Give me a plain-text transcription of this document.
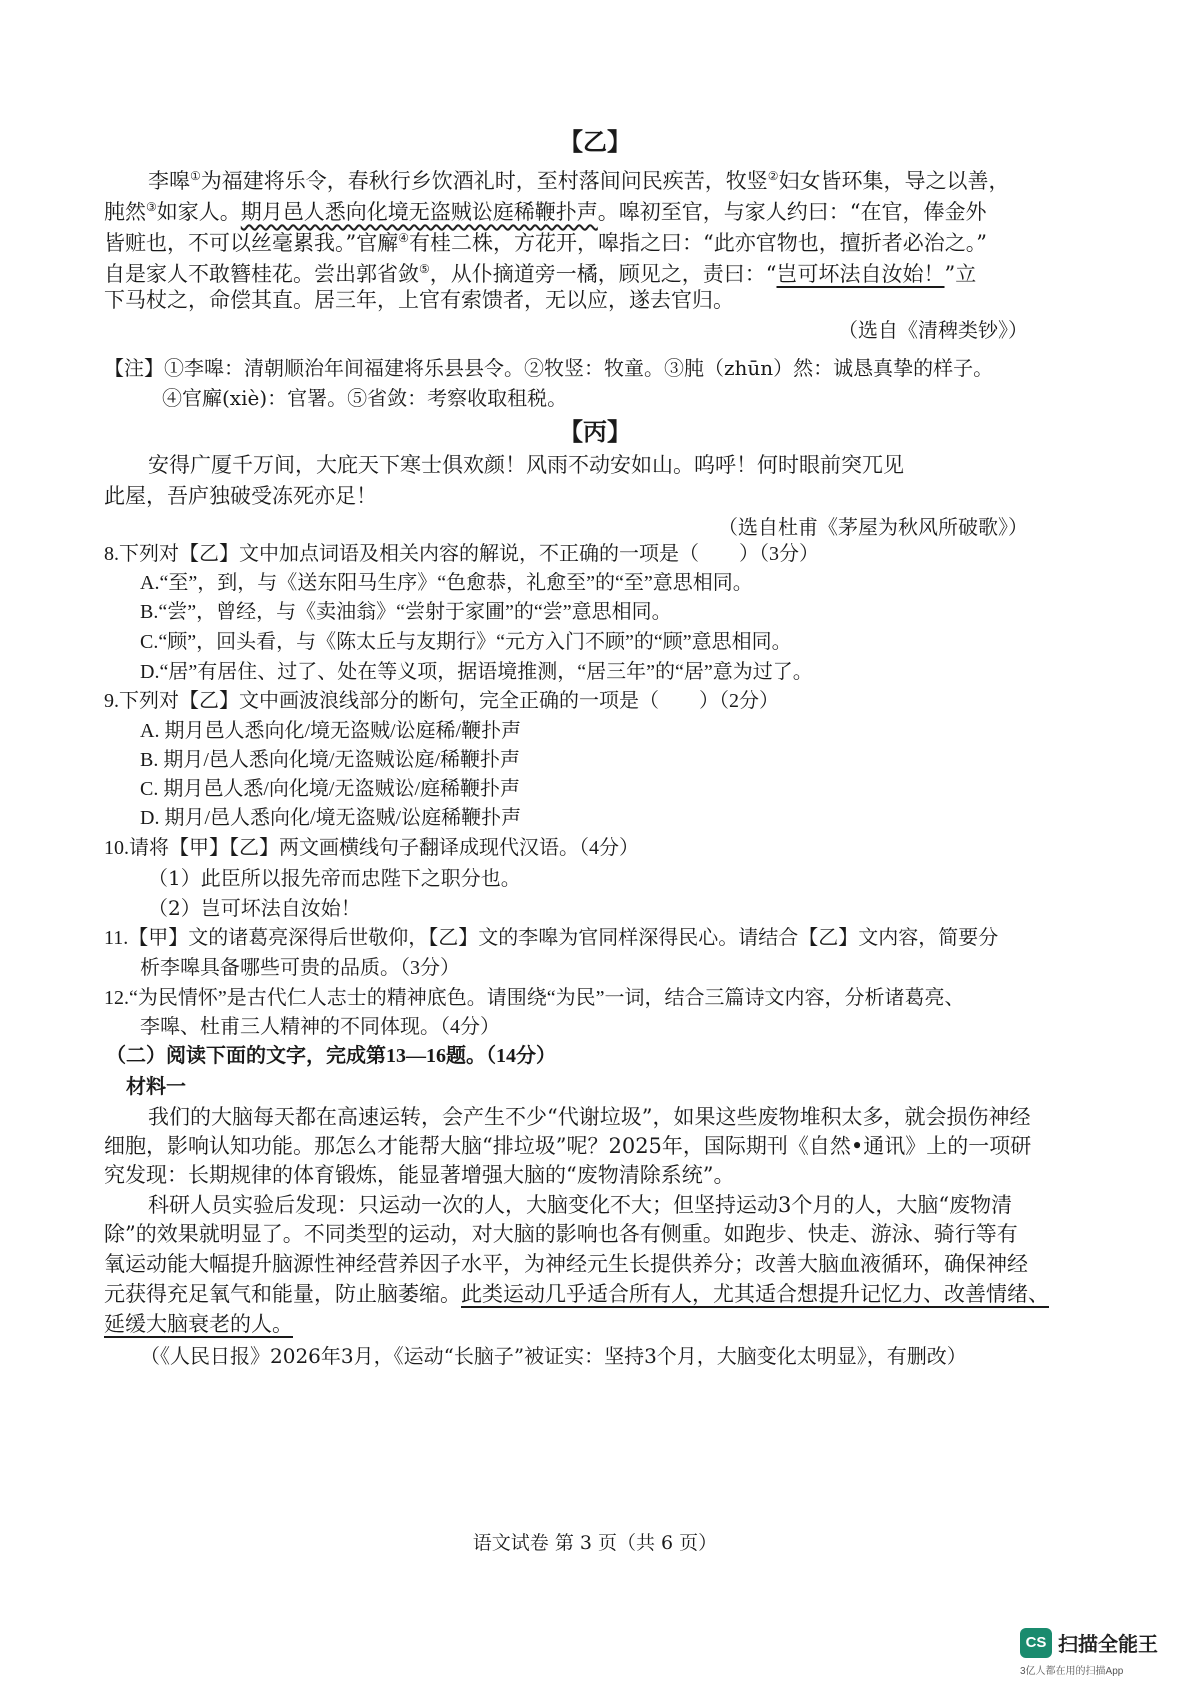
【乙】
李嗥①为福建将乐令，春秋行乡饮酒礼时，至村落间问民疾苦，牧竖②妇女皆环集，导之以善，
肫然③如家人。期月邑人悉向化境无盗贼讼庭稀鞭扑声。嗥初至官，与家人约曰：“在官，俸金外
皆赃也，不可以丝毫累我。”官廨④有桂二株，方花开，嗥指之曰：“此亦官物也，擅折者必治之。”
自是家人不敢簪桂花。尝出郭省敛⑤，从仆摘道旁一橘，顾见之，责曰：“岂可坏法自汝始！”立
下马杖之，命偿其直。居三年，上官有索馈者，无以应，遂去官归。
（选自《清稗类钞》）
【注】①李嗥：清朝顺治年间福建将乐县县令。②牧竖：牧童。③肫（zhūn）然：诚恳真挚的样子。
④官廨(xiè)：官署。⑤省敛：考察收取租税。
【丙】
安得广厦千万间，大庇天下寒士俱欢颜！风雨不动安如山。呜呼！何时眼前突兀见
此屋，吾庐独破受冻死亦足！
（选自杜甫《茅屋为秋风所破歌》）
8.下列对【乙】文中加点词语及相关内容的解说，不正确的一项是（　　）（3分）
A.“至”，到，与《送东阳马生序》“色愈恭，礼愈至”的“至”意思相同。
B.“尝”，曾经，与《卖油翁》“尝射于家圃”的“尝”意思相同。
C.“顾”，回头看，与《陈太丘与友期行》“元方入门不顾”的“顾”意思相同。
D.“居”有居住、过了、处在等义项，据语境推测，“居三年”的“居”意为过了。
9.下列对【乙】文中画波浪线部分的断句，完全正确的一项是（　　）（2分）
A. 期月邑人悉向化/境无盗贼/讼庭稀/鞭扑声
B. 期月/邑人悉向化境/无盗贼讼庭/稀鞭扑声
C. 期月邑人悉/向化境/无盗贼讼/庭稀鞭扑声
D. 期月/邑人悉向化/境无盗贼/讼庭稀鞭扑声
10.请将【甲】【乙】两文画横线句子翻译成现代汉语。（4分）
（1）此臣所以报先帝而忠陛下之职分也。
（2）岂可坏法自汝始！
11.【甲】文的诸葛亮深得后世敬仰，【乙】文的李嗥为官同样深得民心。请结合【乙】文内容，简要分
析李嗥具备哪些可贵的品质。（3分）
12.“为民情怀”是古代仁人志士的精神底色。请围绕“为民”一词，结合三篇诗文内容，分析诸葛亮、
李嗥、杜甫三人精神的不同体现。（4分）
（二）阅读下面的文字，完成第13—16题。（14分）
材料一
我们的大脑每天都在高速运转，会产生不少“代谢垃圾”，如果这些废物堆积太多，就会损伤神经
细胞，影响认知功能。那怎么才能帮大脑“排垃圾”呢？2025年，国际期刊《自然•通讯》上的一项研
究发现：长期规律的体育锻炼，能显著增强大脑的“废物清除系统”。
科研人员实验后发现：只运动一次的人，大脑变化不大；但坚持运动3个月的人，大脑“废物清
除”的效果就明显了。不同类型的运动，对大脑的影响也各有侧重。如跑步、快走、游泳、骑行等有
氧运动能大幅提升脑源性神经营养因子水平，为神经元生长提供养分；改善大脑血液循环，确保神经
元获得充足氧气和能量，防止脑萎缩。此类运动几乎适合所有人，尤其适合想提升记忆力、改善情绪、
延缓大脑衰老的人。
（《人民日报》2026年3月，《运动“长脑子”被证实：坚持3个月，大脑变化太明显》，有删改）
语文试卷 第 3 页（共 6 页）
CS 扫描全能王
3亿人都在用的扫描App
